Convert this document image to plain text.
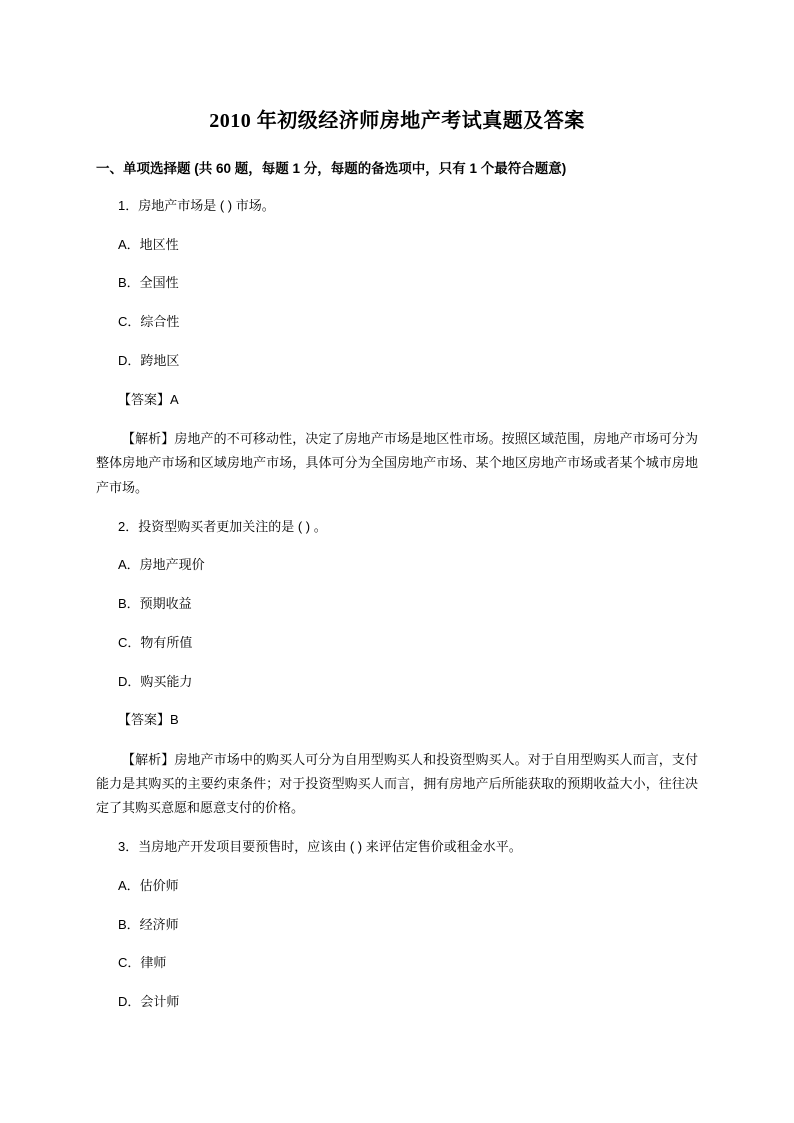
2010 年初级经济师房地产考试真题及答案

一、单项选择题 (共 60 题，每题 1 分，每题的备选项中，只有 1 个最符合题意)

1．房地产市场是 ( ) 市场。

A．地区性

B．全国性

C．综合性

D．跨地区

【答案】A

【解析】房地产的不可移动性，决定了房地产市场是地区性市场。按照区域范围，房地产市场可分为整体房地产市场和区域房地产市场，具体可分为全国房地产市场、某个地区房地产市场或者某个城市房地产市场。

2．投资型购买者更加关注的是 ( ) 。

A．房地产现价

B．预期收益

C．物有所值

D．购买能力

【答案】B

【解析】房地产市场中的购买人可分为自用型购买人和投资型购买人。对于自用型购买人而言，支付能力是其购买的主要约束条件；对于投资型购买人而言，拥有房地产后所能获取的预期收益大小，往往决定了其购买意愿和愿意支付的价格。

3．当房地产开发项目要预售时，应该由 ( ) 来评估定售价或租金水平。

A．估价师

B．经济师

C．律师

D．会计师
